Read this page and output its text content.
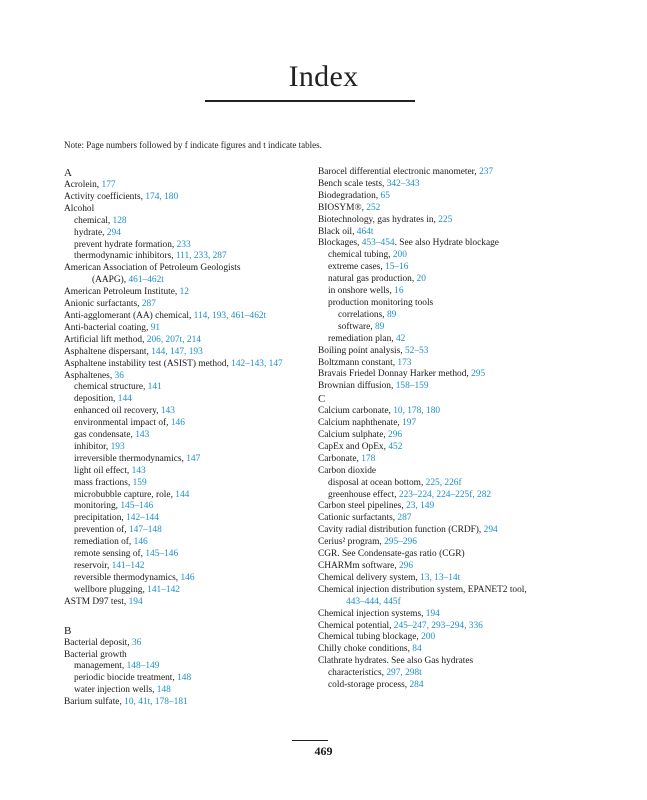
Index
Note: Page numbers followed by f indicate figures and t indicate tables.
A
Acrolein, 177
Activity coefficients, 174, 180
Alcohol
chemical, 128
hydrate, 294
prevent hydrate formation, 233
thermodynamic inhibitors, 111, 233, 287
American Association of Petroleum Geologists
(AAPG), 461–462t
American Petroleum Institute, 12
Anionic surfactants, 287
Anti-agglomerant (AA) chemical, 114, 193, 461–462t
Anti-bacterial coating, 91
Artificial lift method, 206, 207t, 214
Asphaltene dispersant, 144, 147, 193
Asphaltene instability test (ASIST) method, 142–143, 147
Asphaltenes, 36
chemical structure, 141
deposition, 144
enhanced oil recovery, 143
environmental impact of, 146
gas condensate, 143
inhibitor, 193
irreversible thermodynamics, 147
light oil effect, 143
mass fractions, 159
microbubble capture, role, 144
monitoring, 145–146
precipitation, 142–144
prevention of, 147–148
remediation of, 146
remote sensing of, 145–146
reservoir, 141–142
reversible thermodynamics, 146
wellbore plugging, 141–142
ASTM D97 test, 194
B
Bacterial deposit, 36
Bacterial growth
management, 148–149
periodic biocide treatment, 148
water injection wells, 148
Barium sulfate, 10, 41t, 178–181
Barocel differential electronic manometer, 237
Bench scale tests, 342–343
Biodegradation, 65
BIOSYM®, 252
Biotechnology, gas hydrates in, 225
Black oil, 464t
Blockages, 453–454. See also Hydrate blockage
chemical tubing, 200
extreme cases, 15–16
natural gas production, 20
in onshore wells, 16
production monitoring tools
correlations, 89
software, 89
remediation plan, 42
Boiling point analysis, 52–53
Boltzmann constant, 173
Bravais Friedel Donnay Harker method, 295
Brownian diffusion, 158–159
C
Calcium carbonate, 10, 178, 180
Calcium naphthenate, 197
Calcium sulphate, 296
CapEx and OpEx, 452
Carbonate, 178
Carbon dioxide
disposal at ocean bottom, 225, 226f
greenhouse effect, 223–224, 224–225f, 282
Carbon steel pipelines, 23, 149
Cationic surfactants, 287
Cavity radial distribution function (CRDF), 294
Cerius² program, 295–296
CGR. See Condensate-gas ratio (CGR)
CHARMm software, 296
Chemical delivery system, 13, 13–14t
Chemical injection distribution system, EPANET2 tool,
443–444, 445f
Chemical injection systems, 194
Chemical potential, 245–247, 293–294, 336
Chemical tubing blockage, 200
Chilly choke conditions, 84
Clathrate hydrates. See also Gas hydrates
characteristics, 297, 298t
cold-storage process, 284
469
